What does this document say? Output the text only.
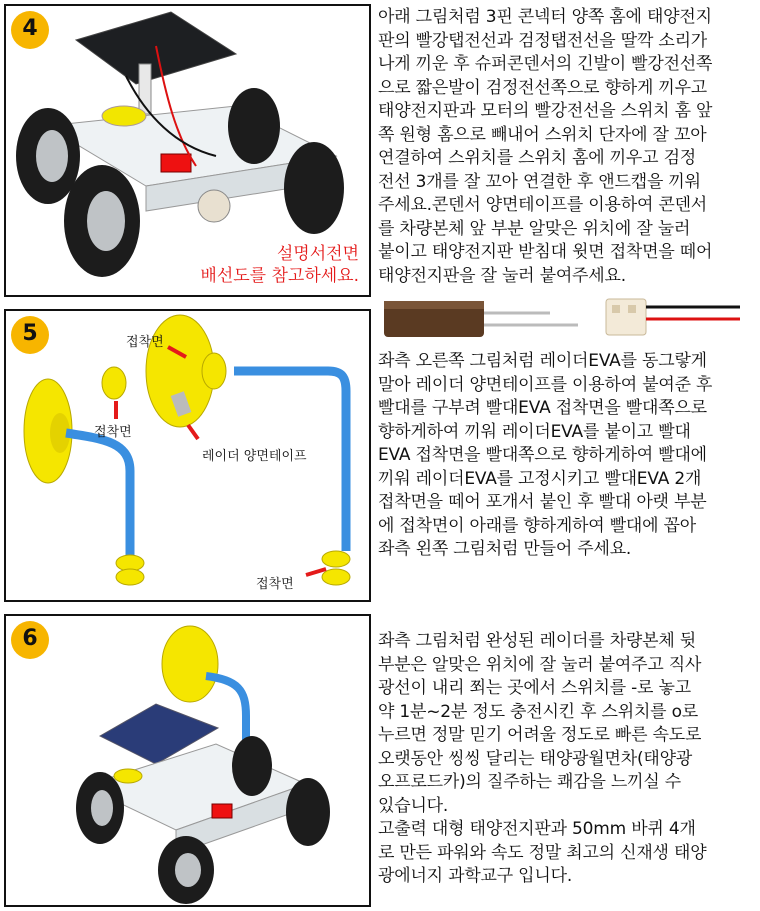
4
설명서전면
배선도를 참고하세요.
아래 그림처럼 3핀 콘넥터 양쪽 홈에 태양전지
판의 빨강탭전선과 검정탭전선을 딸깍 소리가
나게 끼운 후 슈퍼콘덴서의 긴발이 빨강전선쪽
으로 짧은발이 검정전선쪽으로 향하게 끼우고
태양전지판과 모터의 빨강전선을 스위치 홈 앞
쪽 원형 홈으로 빼내어 스위치 단자에 잘 꼬아
연결하여 스위치를 스위치 홈에 끼우고 검정
전선 3개를 잘 꼬아 연결한 후 앤드캡을 끼워
주세요.콘덴서 양면테이프를 이용하여 콘덴서
를 차량본체 앞 부분 알맞은 위치에 잘 눌러
붙이고 태양전지판 받침대 윗면 접착면을 떼어
태양전지판을 잘 눌러 붙여주세요.
5	접착면
접착면
레이더 양면테이프
접착면
좌측 오른쪽 그림처럼 레이더EVA를 동그랗게
말아 레이더 양면테이프를 이용하여 붙여준 후
빨대를 구부려 빨대EVA 접착면을 빨대쪽으로
향하게하여 끼워 레이더EVA를 붙이고 빨대
EVA 접착면을 빨대쪽으로 향하게하여 빨대에
끼워 레이더EVA를 고정시키고 빨대EVA 2개
접착면을 떼어 포개서 붙인 후 빨대 아랫 부분
에 접착면이 아래를 향하게하여 빨대에 꼽아
좌측 왼쪽 그림처럼 만들어 주세요.
6	좌측 그림처럼 완성된 레이더를 차량본체 뒷
부분은 알맞은 위치에 잘 눌러 붙여주고 직사
광선이 내리 쬐는 곳에서 스위치를 -로 놓고
약 1분~2분 정도 충전시킨 후 스위치를 o로
누르면 정말 믿기 어려울 정도로 빠른 속도로
오랫동안 씽씽 달리는 태양광월면차(태양광
오프로드카)의 질주하는 쾌감을 느끼실 수
있습니다.
고출력 대형 태양전지판과 50mm 바퀴 4개
로 만든 파워와 속도 정말 최고의 신재생 태양
광에너지 과학교구 입니다.
